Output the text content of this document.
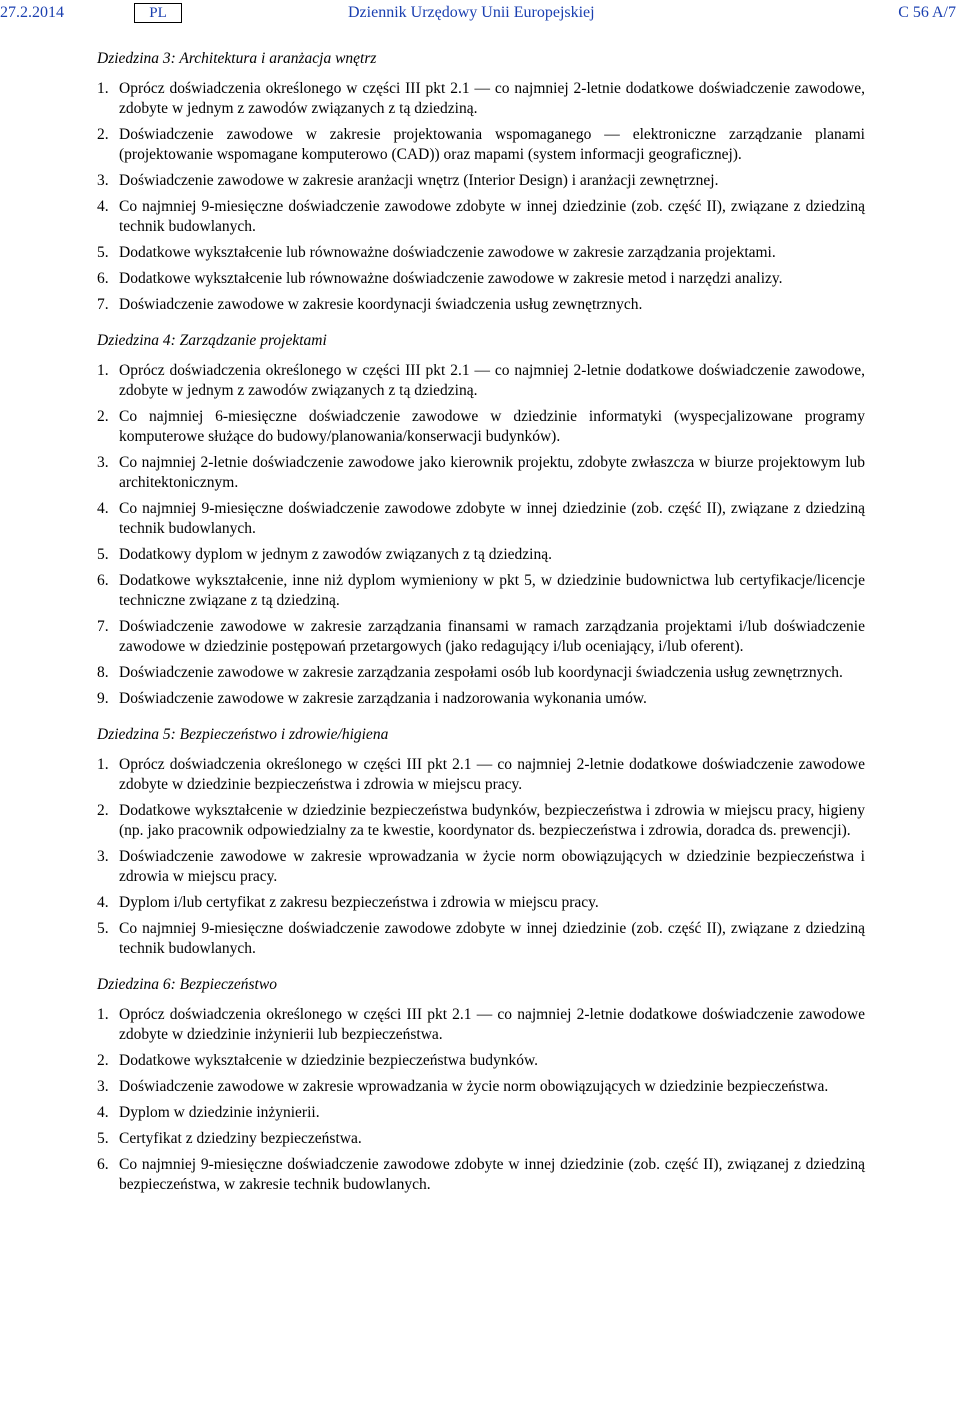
27.2.2014	PL	Dziennik Urzędowy Unii Europejskiej	C 56 A/7
Dziedzina 3: Architektura i aranżacja wnętrz
1. Oprócz doświadczenia określonego w części III pkt 2.1 — co najmniej 2-letnie dodatkowe doświadczenie zawodowe, zdobyte w jednym z zawodów związanych z tą dziedziną.
2. Doświadczenie zawodowe w zakresie projektowania wspomaganego — elektroniczne zarządzanie planami (projektowanie wspomagane komputerowo (CAD)) oraz mapami (system informacji geograficznej).
3. Doświadczenie zawodowe w zakresie aranżacji wnętrz (Interior Design) i aranżacji zewnętrznej.
4. Co najmniej 9-miesięczne doświadczenie zawodowe zdobyte w innej dziedzinie (zob. część II), związane z dziedziną technik budowlanych.
5. Dodatkowe wykształcenie lub równoważne doświadczenie zawodowe w zakresie zarządzania projektami.
6. Dodatkowe wykształcenie lub równoważne doświadczenie zawodowe w zakresie metod i narzędzi analizy.
7. Doświadczenie zawodowe w zakresie koordynacji świadczenia usług zewnętrznych.
Dziedzina 4: Zarządzanie projektami
1. Oprócz doświadczenia określonego w części III pkt 2.1 — co najmniej 2-letnie dodatkowe doświadczenie zawodowe, zdobyte w jednym z zawodów związanych z tą dziedziną.
2. Co najmniej 6-miesięczne doświadczenie zawodowe w dziedzinie informatyki (wyspecjalizowane programy komputerowe służące do budowy/planowania/konserwacji budynków).
3. Co najmniej 2-letnie doświadczenie zawodowe jako kierownik projektu, zdobyte zwłaszcza w biurze projektowym lub architektonicznym.
4. Co najmniej 9-miesięczne doświadczenie zawodowe zdobyte w innej dziedzinie (zob. część II), związane z dziedziną technik budowlanych.
5. Dodatkowy dyplom w jednym z zawodów związanych z tą dziedziną.
6. Dodatkowe wykształcenie, inne niż dyplom wymieniony w pkt 5, w dziedzinie budownictwa lub certyfikacje/licencje techniczne związane z tą dziedziną.
7. Doświadczenie zawodowe w zakresie zarządzania finansami w ramach zarządzania projektami i/lub doświadczenie zawodowe w dziedzinie postępowań przetargowych (jako redagujący i/lub oceniający, i/lub oferent).
8. Doświadczenie zawodowe w zakresie zarządzania zespołami osób lub koordynacji świadczenia usług zewnętrznych.
9. Doświadczenie zawodowe w zakresie zarządzania i nadzorowania wykonania umów.
Dziedzina 5: Bezpieczeństwo i zdrowie/higiena
1. Oprócz doświadczenia określonego w części III pkt 2.1 — co najmniej 2-letnie dodatkowe doświadczenie zawodowe zdobyte w dziedzinie bezpieczeństwa i zdrowia w miejscu pracy.
2. Dodatkowe wykształcenie w dziedzinie bezpieczeństwa budynków, bezpieczeństwa i zdrowia w miejscu pracy, higieny (np. jako pracownik odpowiedzialny za te kwestie, koordynator ds. bezpieczeństwa i zdrowia, doradca ds. prewencji).
3. Doświadczenie zawodowe w zakresie wprowadzania w życie norm obowiązujących w dziedzinie bezpieczeństwa i zdrowia w miejscu pracy.
4. Dyplom i/lub certyfikat z zakresu bezpieczeństwa i zdrowia w miejscu pracy.
5. Co najmniej 9-miesięczne doświadczenie zawodowe zdobyte w innej dziedzinie (zob. część II), związane z dziedziną technik budowlanych.
Dziedzina 6: Bezpieczeństwo
1. Oprócz doświadczenia określonego w części III pkt 2.1 — co najmniej 2-letnie dodatkowe doświadczenie zawodowe zdobyte w dziedzinie inżynierii lub bezpieczeństwa.
2. Dodatkowe wykształcenie w dziedzinie bezpieczeństwa budynków.
3. Doświadczenie zawodowe w zakresie wprowadzania w życie norm obowiązujących w dziedzinie bezpieczeństwa.
4. Dyplom w dziedzinie inżynierii.
5. Certyfikat z dziedziny bezpieczeństwa.
6. Co najmniej 9-miesięczne doświadczenie zawodowe zdobyte w innej dziedzinie (zob. część II), związanej z dziedziną bezpieczeństwa, w zakresie technik budowlanych.
